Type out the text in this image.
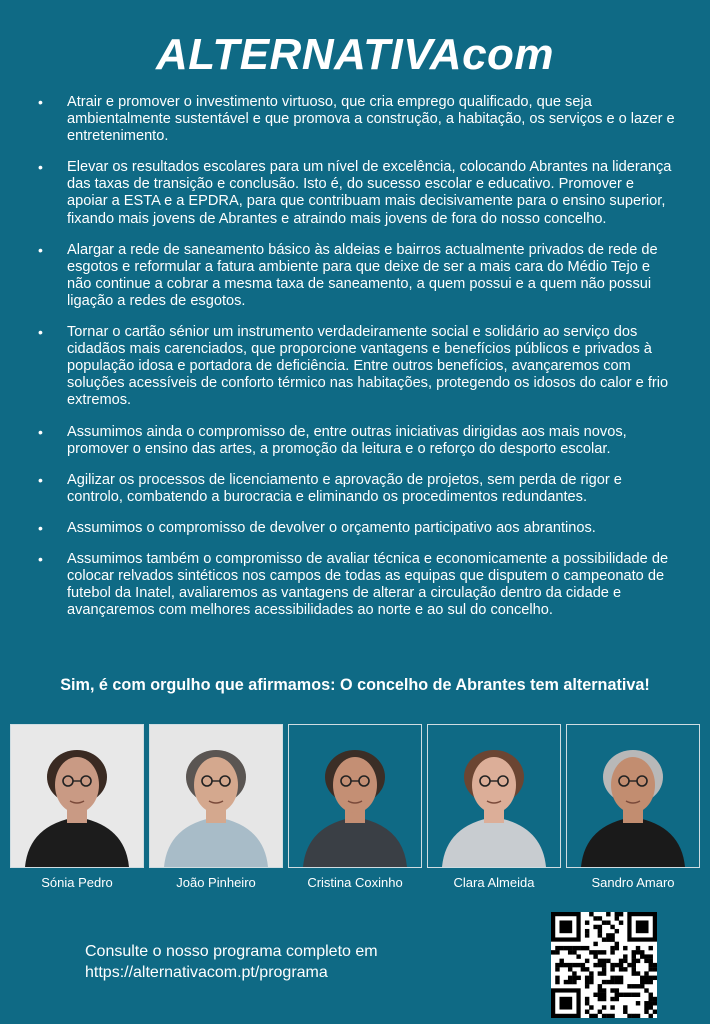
ALTERNATIVAcom
• Atrair e promover o investimento virtuoso, que cria emprego qualificado, que seja ambientalmente sustentável e que promova a construção, a habitação, os serviços e o lazer e entretenimento.
• Elevar os resultados escolares para um nível de excelência, colocando Abrantes na liderança das taxas de transição e conclusão. Isto é, do sucesso escolar e educativo. Promover e apoiar a ESTA e a EPDRA, para que contribuam mais decisivamente para o ensino superior, fixando mais jovens de Abrantes e atraindo mais jovens de fora do nosso concelho.
• Alargar a rede de saneamento básico às aldeias e bairros actualmente privados de rede de esgotos e reformular a fatura ambiente para que deixe de ser a mais cara do Médio Tejo e não continue a cobrar a mesma taxa de saneamento, a quem possui e a quem não possui ligação a redes de esgotos.
• Tornar o cartão sénior um instrumento verdadeiramente social e solidário ao serviço dos cidadãos mais carenciados, que proporcione vantagens e benefícios públicos e privados à população idosa e portadora de deficiência. Entre outros benefícios, avançaremos com soluções acessíveis de conforto térmico nas habitações, protegendo os idosos do calor e frio extremos.
• Assumimos ainda o compromisso de, entre outras iniciativas dirigidas aos mais novos, promover o ensino das artes, a promoção da leitura e o reforço do desporto escolar.
• Agilizar os processos de licenciamento e aprovação de projetos, sem perda de rigor e controlo, combatendo a burocracia e eliminando os procedimentos redundantes.
• Assumimos o compromisso de devolver o orçamento participativo aos abrantinos.
• Assumimos também o compromisso de avaliar técnica e economicamente a possibilidade de colocar relvados sintéticos nos campos de todas as equipas que disputem o campeonato de futebol da Inatel, avaliaremos as vantagens de alterar a circulação dentro da cidade e avançaremos com melhores acessibilidades ao norte e ao sul do concelho.
Sim, é com orgulho que afirmamos: O concelho de Abrantes tem alternativa!
Sónia Pedro	João Pinheiro	Cristina Coxinho	Clara Almeida	Sandro Amaro
Consulte o nosso programa completo em
https://alternativacom.pt/programa
